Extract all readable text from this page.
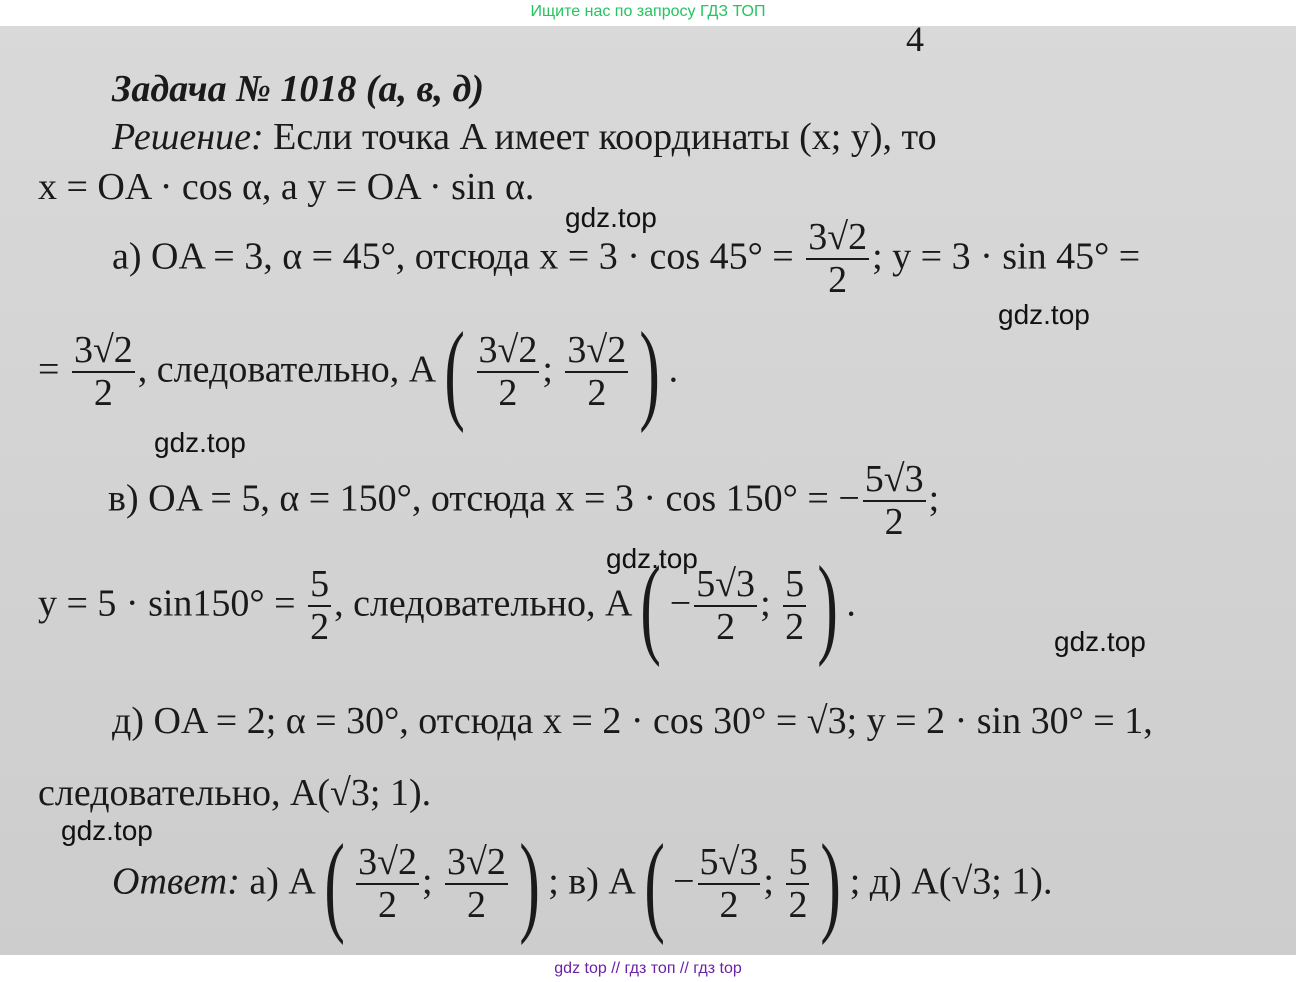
Ищите нас по запросу ГДЗ ТОП
4
Задача № 1018 (а, в, д)
Решение: Если точка A имеет координаты (x; y), то
x = OA · cos α, a y = OA · sin α.
а) OA = 3, α = 45°, отсюда $x = 3 \cdot \cos 45^\circ = \frac{3√2}{2}$ ; y = 3 · sin 45° =
= $\frac{3√2}{2}$ , следовательно, $A( \frac{3√2}{2}$ ; $\frac{3√2}{2}$ ) .
в) OA = 5, α = 150°, отсюда x = 3 · cos 150° = − $\frac{5√3}{2}$ ;
$y = 5 \cdot \sin 150^\circ = \frac{5}{2}$ , следовательно, $A( - \frac{5√3}{2}$ ; $\frac{5}{2}$ ) .
д) OA = 2; α = 30°, отсюда x = 2 · cos 30° = √3; y = 2 · sin 30° = 1,
следовательно, A(√3; 1).
Ответ: а) $A( \frac{3√2}{2}$ ; $\frac{3√2}{2}$ ) ; в) $A( - \frac{5√3}{2}$ ; $\frac{5}{2}$ ) ; д) A(√3; 1).
gdz.top
gdz.top
gdz.top
gdz.top
gdz.top
gdz.top
gdz top // гдз топ // гдз top
